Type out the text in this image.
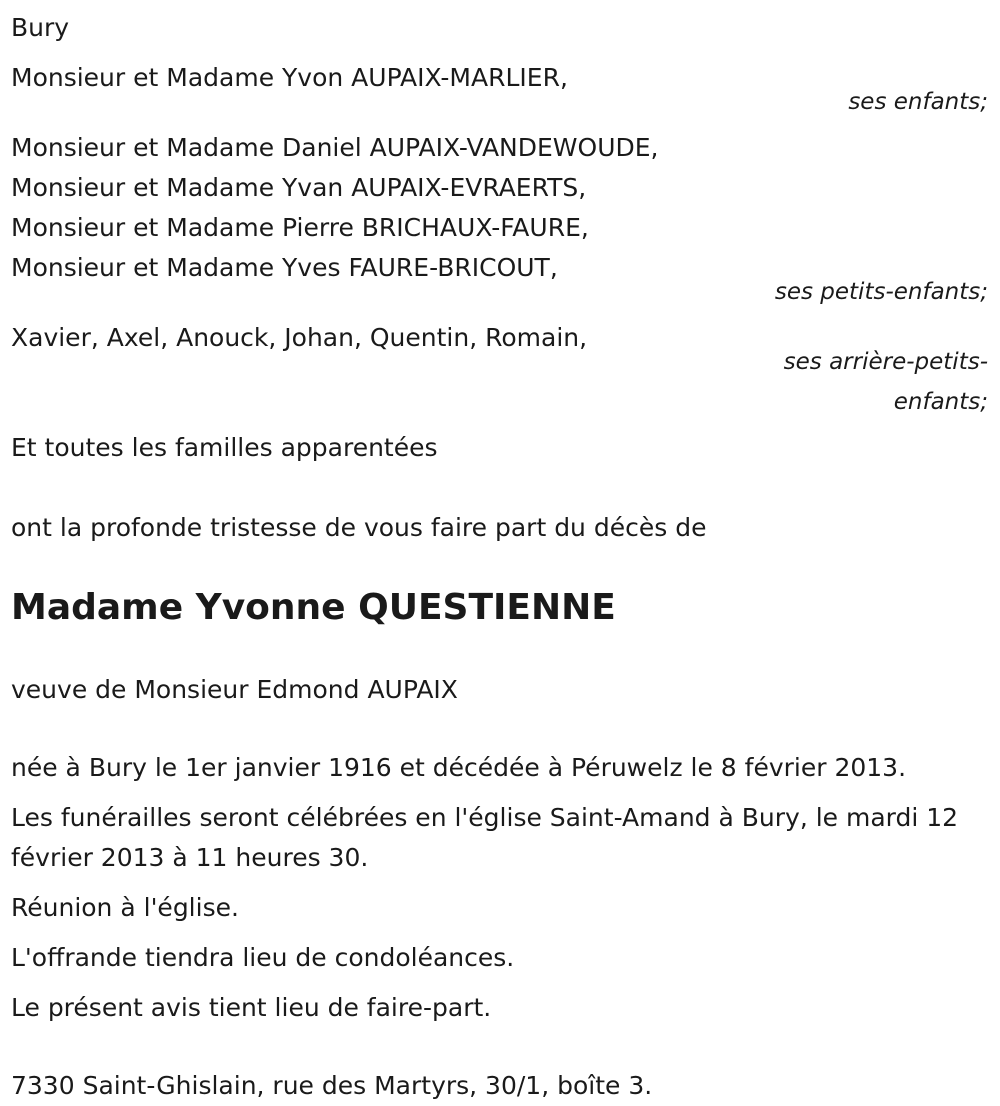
Bury
Monsieur et Madame Yvon AUPAIX-MARLIER,
ses enfants;
Monsieur et Madame Daniel AUPAIX-VANDEWOUDE,
Monsieur et Madame Yvan AUPAIX-EVRAERTS,
Monsieur et Madame Pierre BRICHAUX-FAURE,
Monsieur et Madame Yves FAURE-BRICOUT,
ses petits-enfants;
Xavier, Axel, Anouck, Johan, Quentin, Romain,
ses arrière-petits-enfants;
Et toutes les familles apparentées
ont la profonde tristesse de vous faire part du décès de
Madame Yvonne QUESTIENNE
veuve de Monsieur Edmond AUPAIX
née à Bury le 1er janvier 1916 et décédée à Péruwelz le 8 février 2013.
Les funérailles seront célébrées en l'église Saint-Amand à Bury, le mardi 12 février 2013 à 11 heures 30.
Réunion à l'église.
L'offrande tiendra lieu de condoléances.
Le présent avis tient lieu de faire-part.
7330 Saint-Ghislain, rue des Martyrs, 30/1, boîte 3.
